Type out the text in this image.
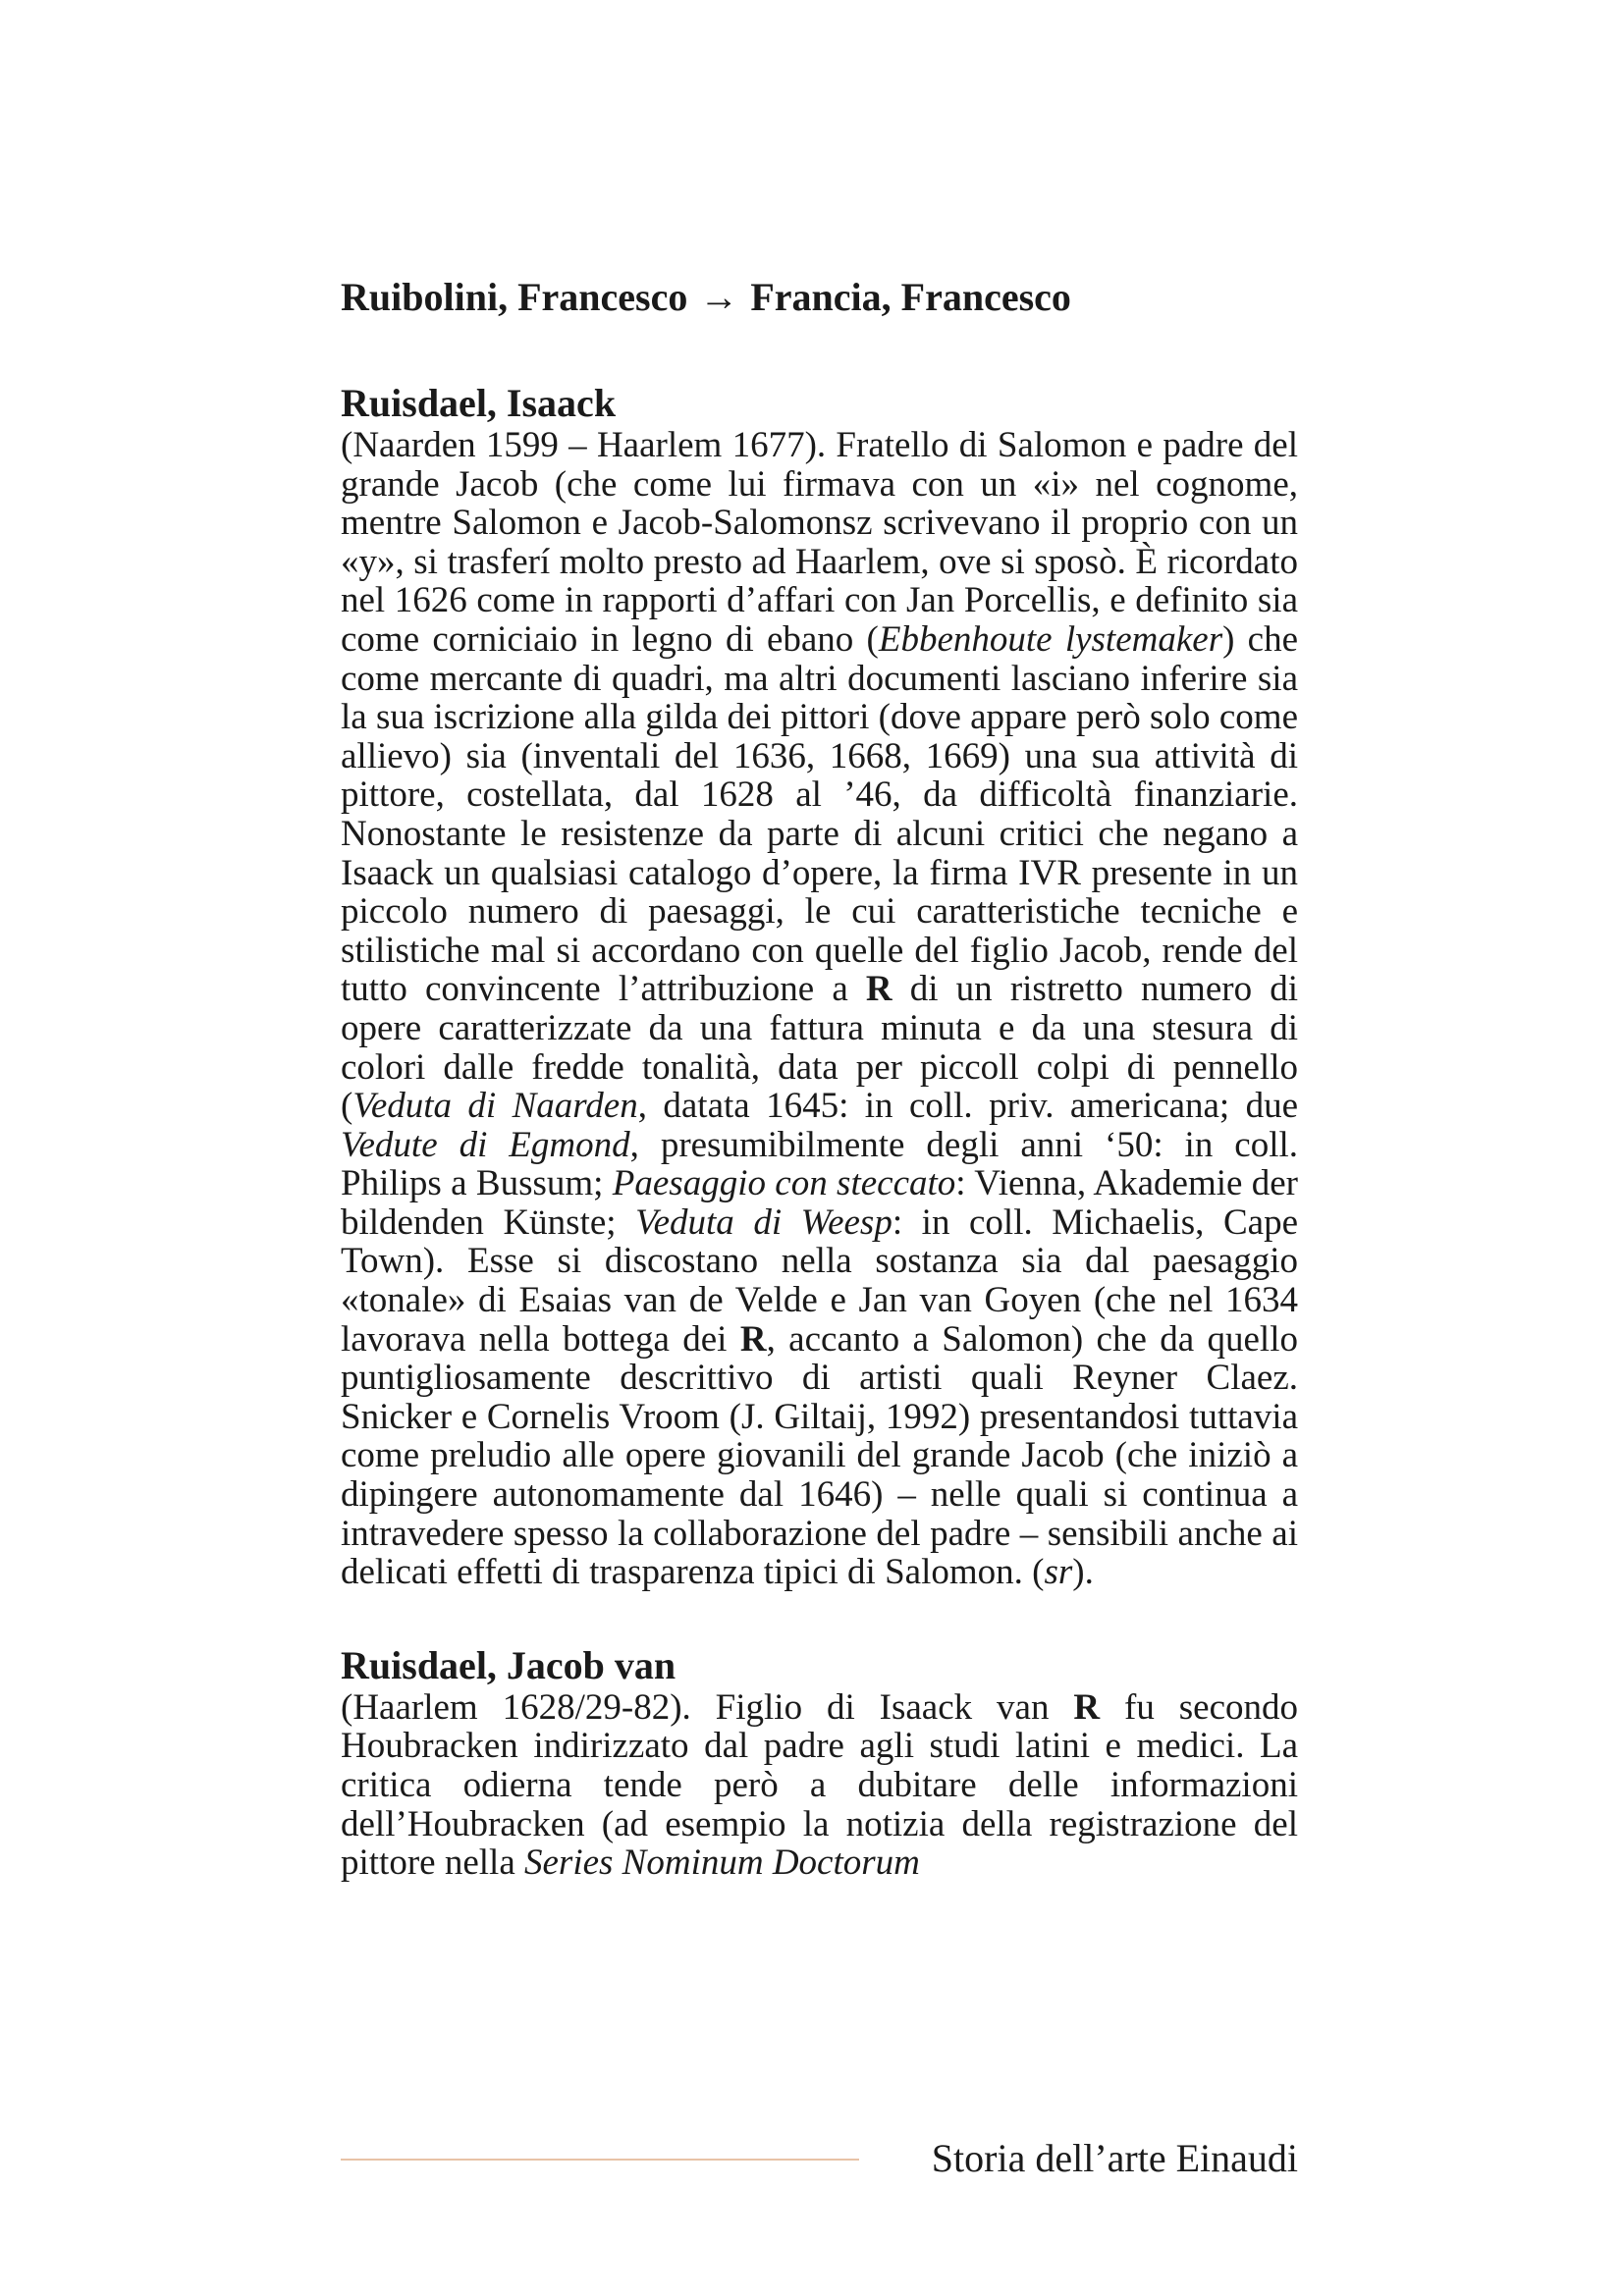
Ruibolini, Francesco → Francia, Francesco
Ruisdael, Isaack

(Naarden 1599 – Haarlem 1677). Fratello di Salomon e padre del grande Jacob (che come lui firmava con un «i» nel cognome, mentre Salomon e Jacob-Salomonsz scrivevano il proprio con un «y», si trasferí molto presto ad Haarlem, ove si sposò. È ricordato nel 1626 come in rapporti d’affari con Jan Porcellis, e definito sia come corniciaio in legno di ebano (Ebbenhoute lystemaker) che come mercante di quadri, ma altri documenti lasciano inferire sia la sua iscrizione alla gilda dei pittori (dove appare però solo come allievo) sia (inventali del 1636, 1668, 1669) una sua attività di pittore, costellata, dal 1628 al ’46, da difficoltà finanziarie. Nonostante le resistenze da parte di alcuni critici che negano a Isaack un qualsiasi catalogo d’opere, la firma IVR presente in un piccolo numero di paesaggi, le cui caratteristiche tecniche e stilistiche mal si accordano con quelle del figlio Jacob, rende del tutto convincente l’attribuzione a R di un ristretto numero di opere caratterizzate da una fattura minuta e da una stesura di colori dalle fredde tonalità, data per piccoll colpi di pennello (Veduta di Naarden, datata 1645: in coll. priv. americana; due Vedute di Egmond, presumibilmente degli anni ‘50: in coll. Philips a Bussum; Paesaggio con steccato: Vienna, Akademie der bildenden Künste; Veduta di Weesp: in coll. Michaelis, Cape Town). Esse si discostano nella sostanza sia dal paesaggio «tonale» di Esaias van de Velde e Jan van Goyen (che nel 1634 lavorava nella bottega dei R, accanto a Salomon) che da quello puntigliosamente descrittivo di artisti quali Reyner Claez. Snicker e Cornelis Vroom (J. Giltaij, 1992) presentandosi tuttavia come preludio alle opere giovanili del grande Jacob (che iniziò a dipingere autonomamente dal 1646) – nelle quali si continua a intravedere spesso la collaborazione del padre – sensibili anche ai delicati effetti di trasparenza tipici di Salomon. (sr).

Ruisdael, Jacob van

(Haarlem 1628/29-82). Figlio di Isaack van R fu secondo Houbracken indirizzato dal padre agli studi latini e medici. La critica odierna tende però a dubitare delle informazioni dell’Houbracken (ad esempio la notizia della registrazione del pittore nella Series Nominum Doctorum

Storia dell’arte Einaudi
